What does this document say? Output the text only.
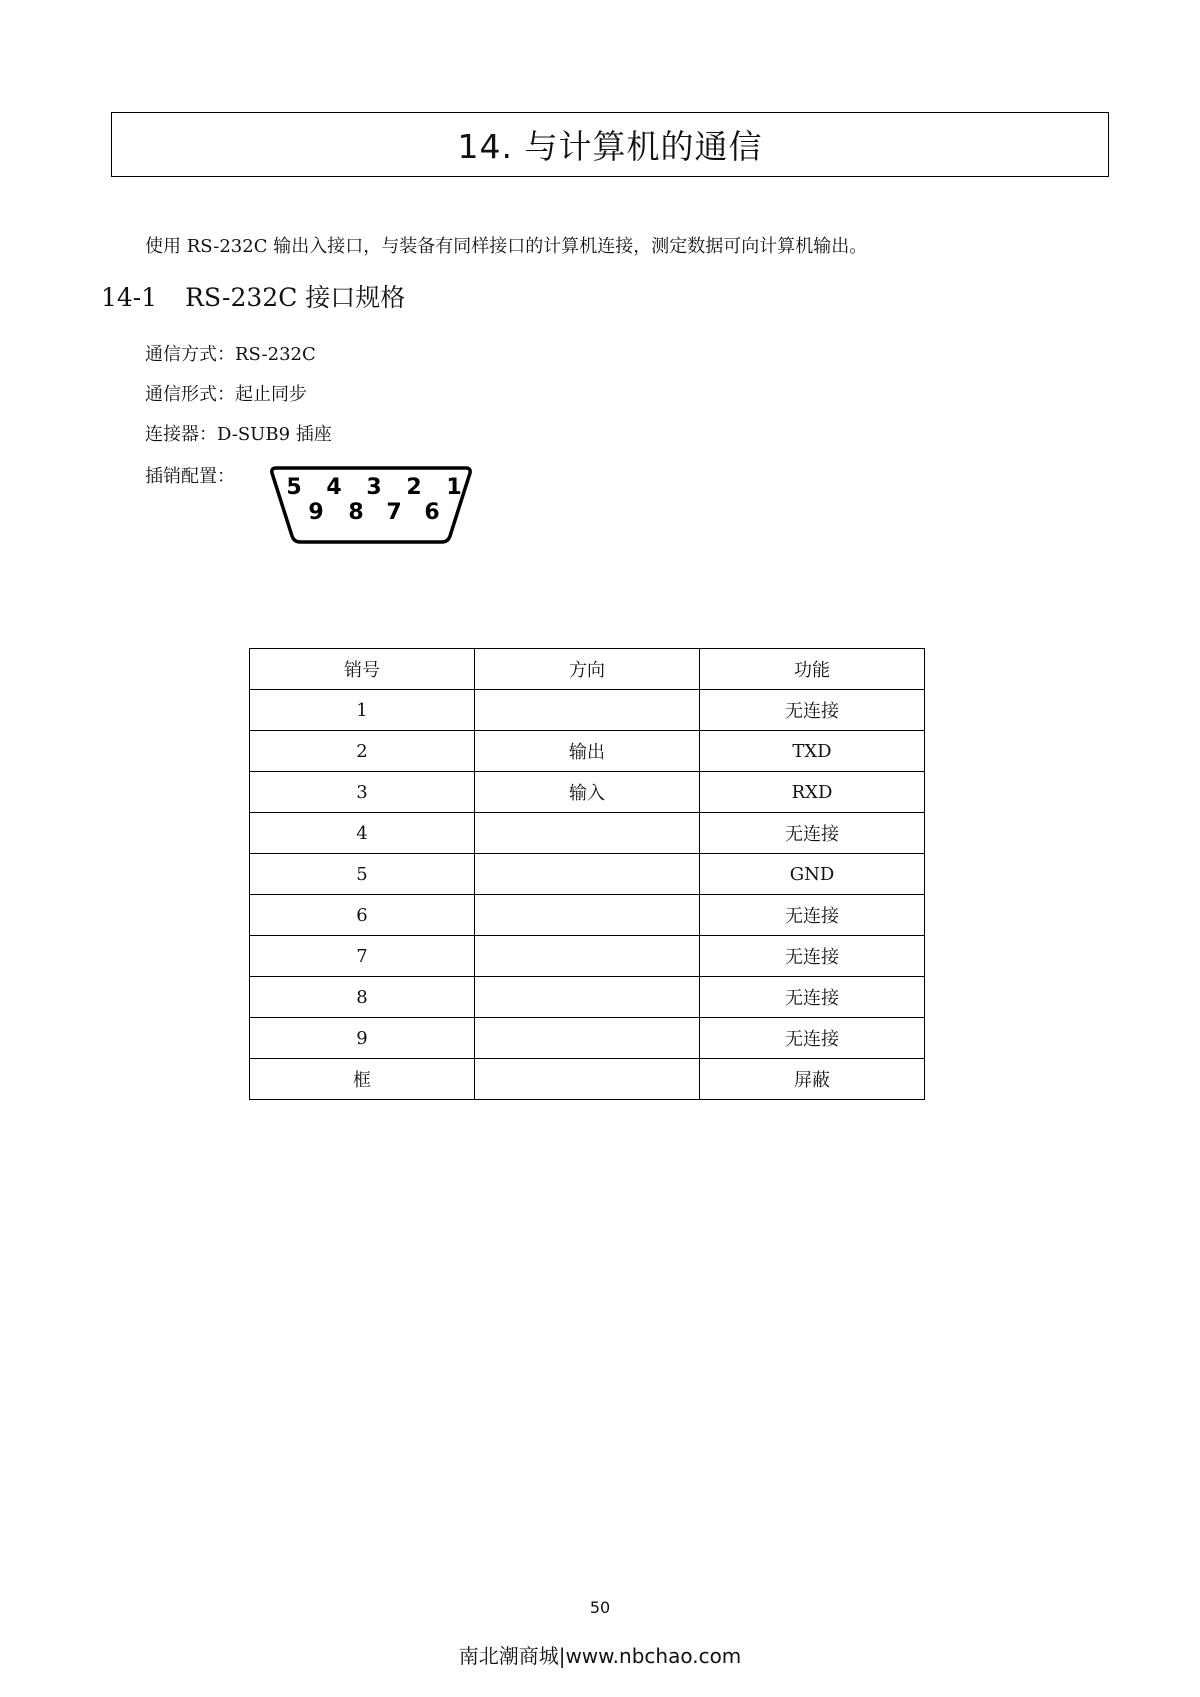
14. 与计算机的通信
使用 RS-232C 输出入接口，与装备有同样接口的计算机连接，测定数据可向计算机输出。
14-1 RS-232C 接口规格
通信方式：RS-232C
通信形式：起止同步
连接器：D-SUB9 插座
插销配置： 5 4 3 2 1
9 8 7 6
销号	方向	功能
1		无连接
2	输出	TXD
3	输入	RXD
4		无连接
5		GND
6		无连接
7		无连接
8		无连接
9		无连接
框		屏蔽
50
南北潮商城|www.nbchao.com
